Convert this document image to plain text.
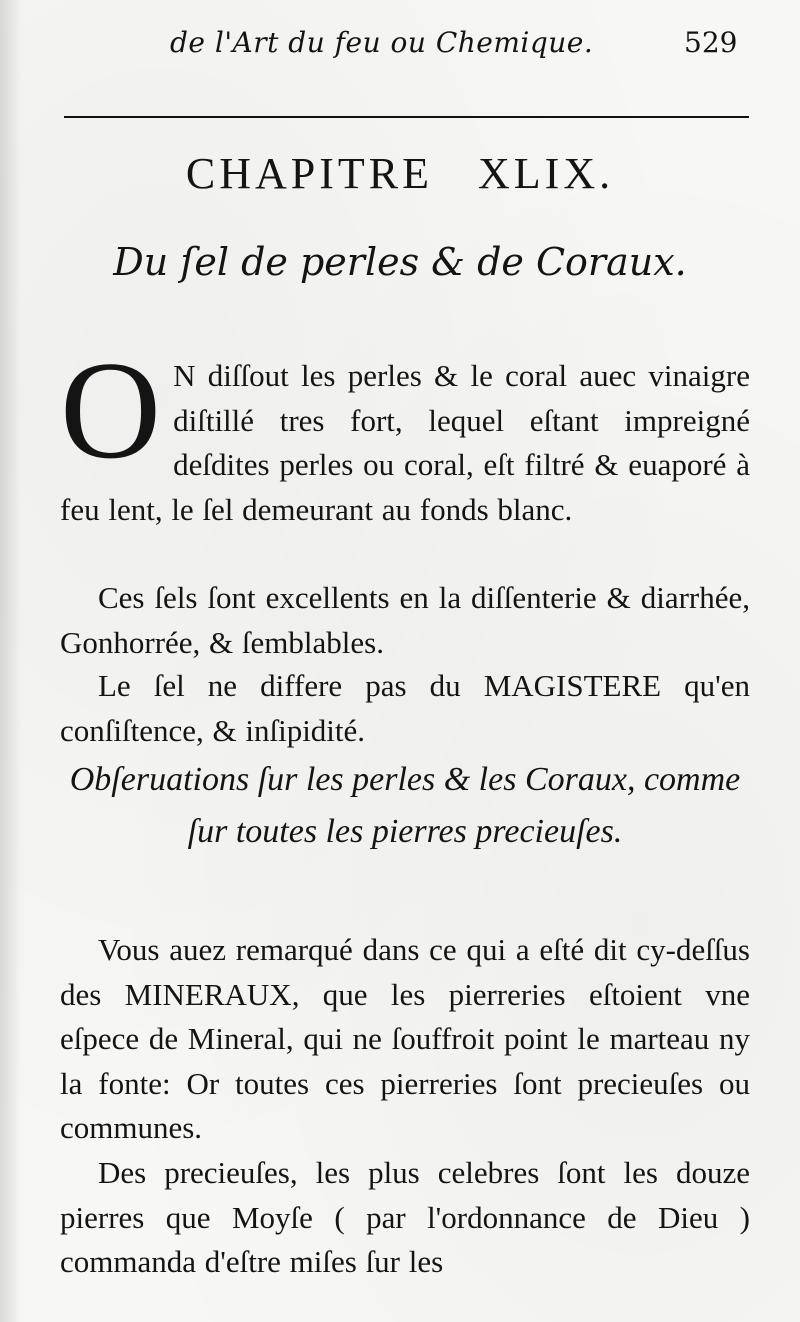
de l'Art du feu ou Chemique.	529
CHAPITRE   XLIX.
Du ſel de perles & de Coraux.
O N diſſout les perles & le coral auec vinaigre diſtillé tres fort, lequel eſtant impreigné deſdites perles ou coral, eſt filtré & euaporé à feu lent, le ſel demeurant au fonds blanc.
Ces ſels ſont excellents en la diſſenterie & diarrhée, Gonhorrée, & ſemblables.
Le ſel ne differe pas du MAGISTERE qu'en conſiſtence, & inſipidité.
Obſeruations ſur les perles & les Coraux, comme ſur toutes les pierres precieuſes.
Vous auez remarqué dans ce qui a eſté dit cy-deſſus des MINERAUX, que les pierreries eſtoient vne eſpece de Mineral, qui ne ſouffroit point le marteau ny la fonte: Or toutes ces pierreries ſont precieuſes ou communes.
Des precieuſes, les plus celebres ſont les douze pierres que Moyſe ( par l'ordonnance de Dieu ) commanda d'eſtre miſes ſur les
